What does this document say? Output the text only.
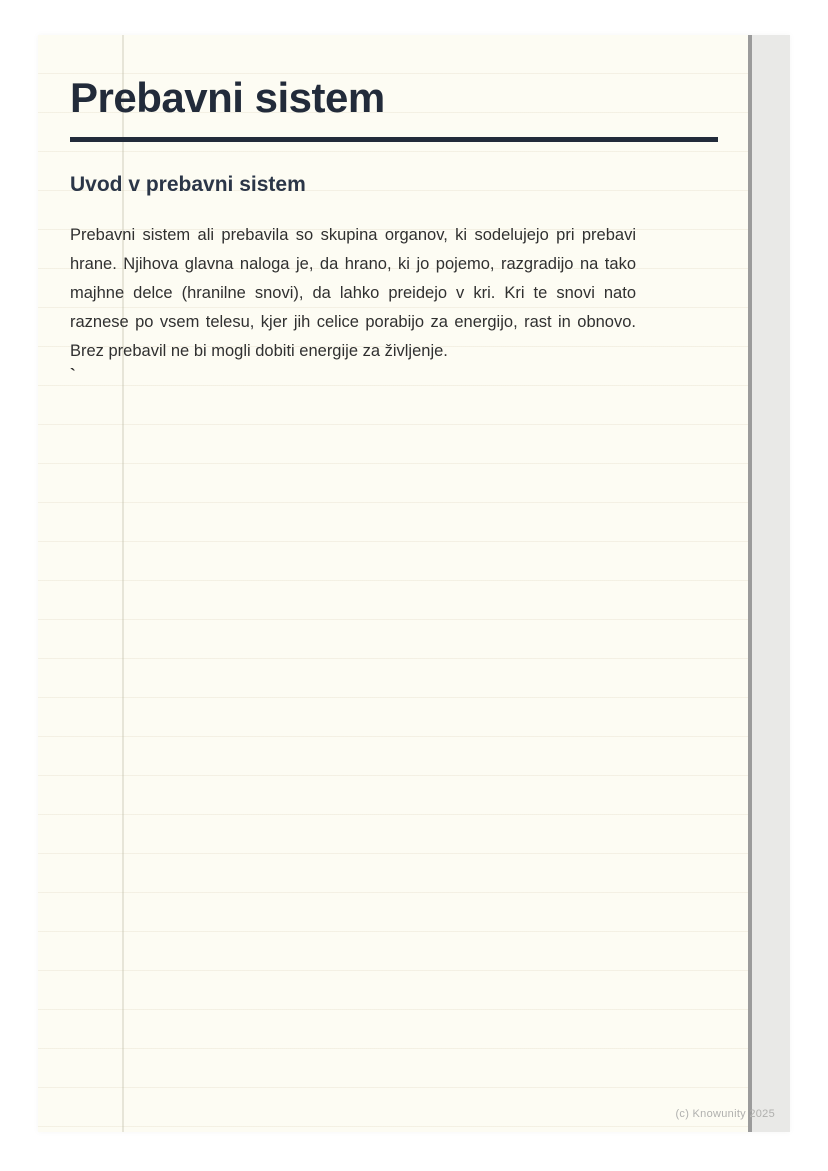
Prebavni sistem
Uvod v prebavni sistem

Prebavni sistem ali prebavila so skupina organov, ki sodelujejo pri prebavi hrane. Njihova glavna naloga je, da hrano, ki jo pojemo, razgradijo na tako majhne delce (hranilne snovi), da lahko preidejo v kri. Kri te snovi nato raznese po vsem telesu, kjer jih celice porabijo za energijo, rast in obnovo. Brez prebavil ne bi mogli dobiti energije za življenje.

`
(c) Knowunity 2025
